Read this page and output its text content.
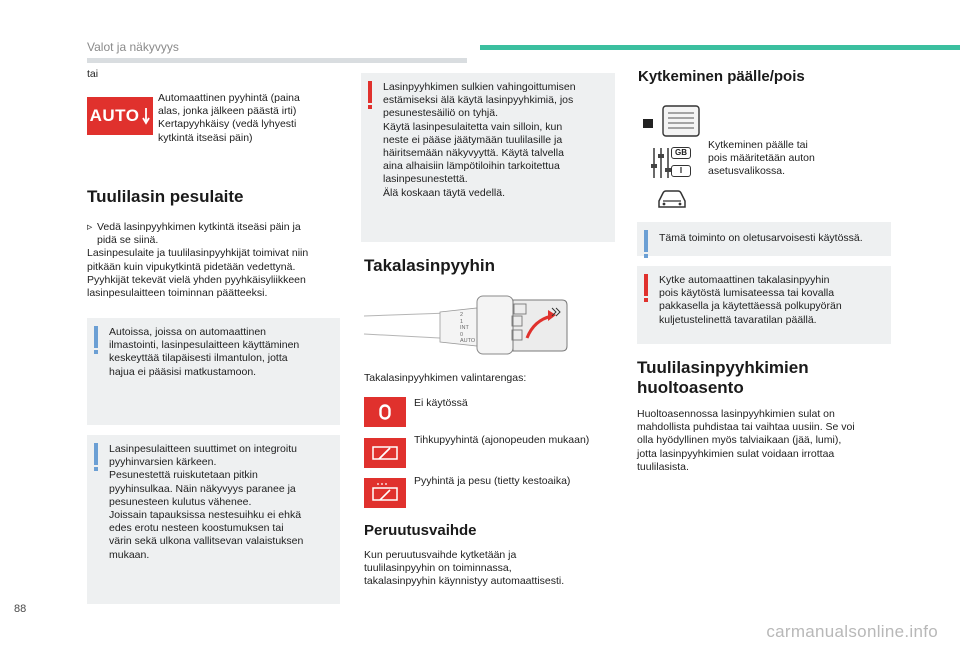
Valot ja näkyvyys
tai
AUTO
Automaattinen pyyhintä (paina
alas, jonka jälkeen päästä irti)
Kertapyyhkäisy (vedä lyhyesti
kytkintä itseäsi päin)
Tuulilasin pesulaite
▹ Vedä lasinpyyhkimen kytkintä itseäsi päin ja
pidä se siinä.
Lasinpesulaite ja tuulilasinpyyhkijät toimivat niin
pitkään kuin vipukytkintä pidetään vedettynä.
Pyyhkijät tekevät vielä yhden pyyhkäisyliikkeen
lasinpesulaitteen toiminnan päätteeksi.
Autoissa, joissa on automaattinen
ilmastointi, lasinpesulaitteen käyttäminen
keskeyttää tilapäisesti ilmantulon, jotta
hajua ei pääsisi matkustamoon.
Lasinpesulaitteen suuttimet on integroitu
pyyhinvarsien kärkeen.
Pesunestettä ruiskutetaan pitkin
pyyhinsulkaa. Näin näkyvyys paranee ja
pesunesteen kulutus vähenee.
Joissain tapauksissa nestesuihku ei ehkä
edes erotu nesteen koostumuksen tai
värin sekä ulkona vallitsevan valaistuksen
mukaan.
Lasinpyyhkimen sulkien vahingoittumisen
estämiseksi älä käytä lasinpyyhkimiä, jos
pesunestesäiliö on tyhjä.
Käytä lasinpesulaitetta vain silloin, kun
neste ei pääse jäätymään tuulilasille ja
häiritsemään näkyvyyttä. Käytä talvella
aina alhaisiin lämpötiloihin tarkoitettua
lasinpesunestettä.
Älä koskaan täytä vedellä.
Takalasinpyyhin
2
1
INT
0
AUTO
Takalasinpyyhkimen valintarengas:
Ei käytössä
Tihkupyyhintä (ajonopeuden mukaan)
Pyyhintä ja pesu (tietty kestoaika)
Peruutusvaihde
Kun peruutusvaihde kytketään ja
tuulilasinpyyhin on toiminnassa,
takalasinpyyhin käynnistyy automaattisesti.
Kytkeminen päälle/pois
GB
I
Kytkeminen päälle tai
pois määritetään auton
asetusvalikossa.
Tämä toiminto on oletusarvoisesti käytössä.
Kytke automaattinen takalasinpyyhin
pois käytöstä lumisateessa tai kovalla
pakkasella ja käytettäessä polkupyörän
kuljetustelinettä tavaratilan päällä.
Tuulilasinpyyhkimien
huoltoasento
Huoltoasennossa lasinpyyhkimien sulat on
mahdollista puhdistaa tai vaihtaa uusiin. Se voi
olla hyödyllinen myös talviaikaan (jää, lumi),
jotta lasinpyyhkimien sulat voidaan irrottaa
tuulilasista.
88
carmanualsonline.info
